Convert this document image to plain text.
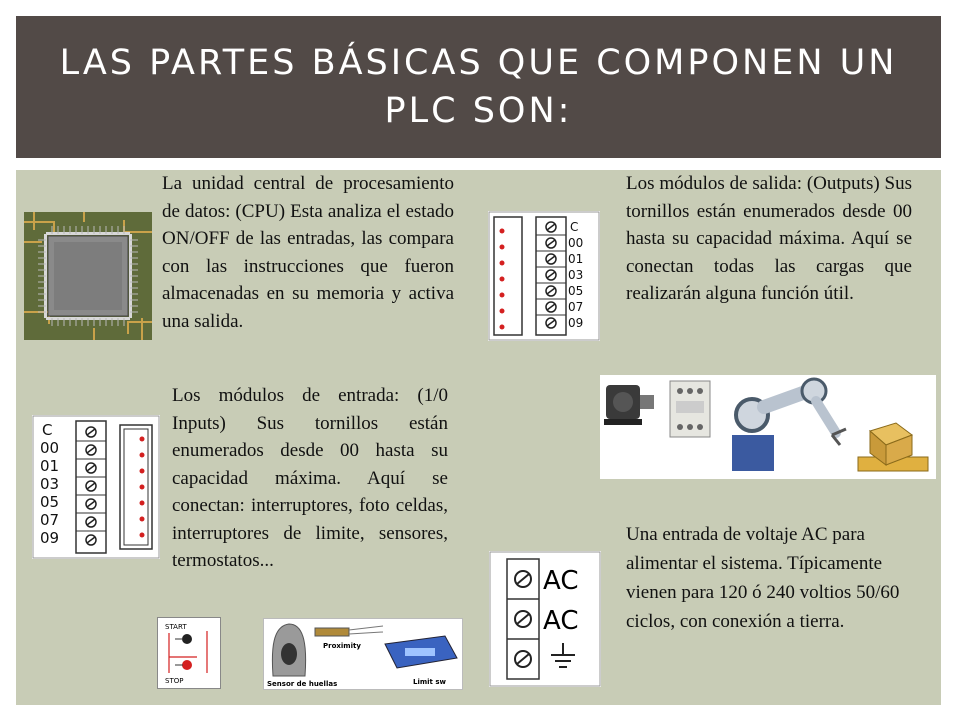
LAS PARTES BÁSICAS QUE COMPONEN UN PLC SON:
La unidad central de procesamiento de datos: (CPU) Esta analiza el estado ON/OFF de las entradas, las compara con las instrucciones que fueron almacenadas en su memoria y activa una salida.
C
00
01
03
05
07
09
Los módulos de salida: (Outputs) Sus tornillos están enumerados desde 00 hasta su capacidad máxima. Aquí se conectan todas las cargas que realizarán alguna función útil.
C
00
01
03
05
07
09
Los módulos de entrada: (1/0 Inputs) Sus tornillos están enumerados desde 00 hasta su capacidad máxima. Aquí se conectan: interruptores, foto celdas, interruptores de limite, sensores, termostatos...
START
STOP	Sensor de huellas
Proximity
Limit sw
AC
AC
Una entrada de voltaje AC para alimentar el sistema. Típicamente vienen para 120 ó 240 voltios 50/60 ciclos, con conexión a tierra.
